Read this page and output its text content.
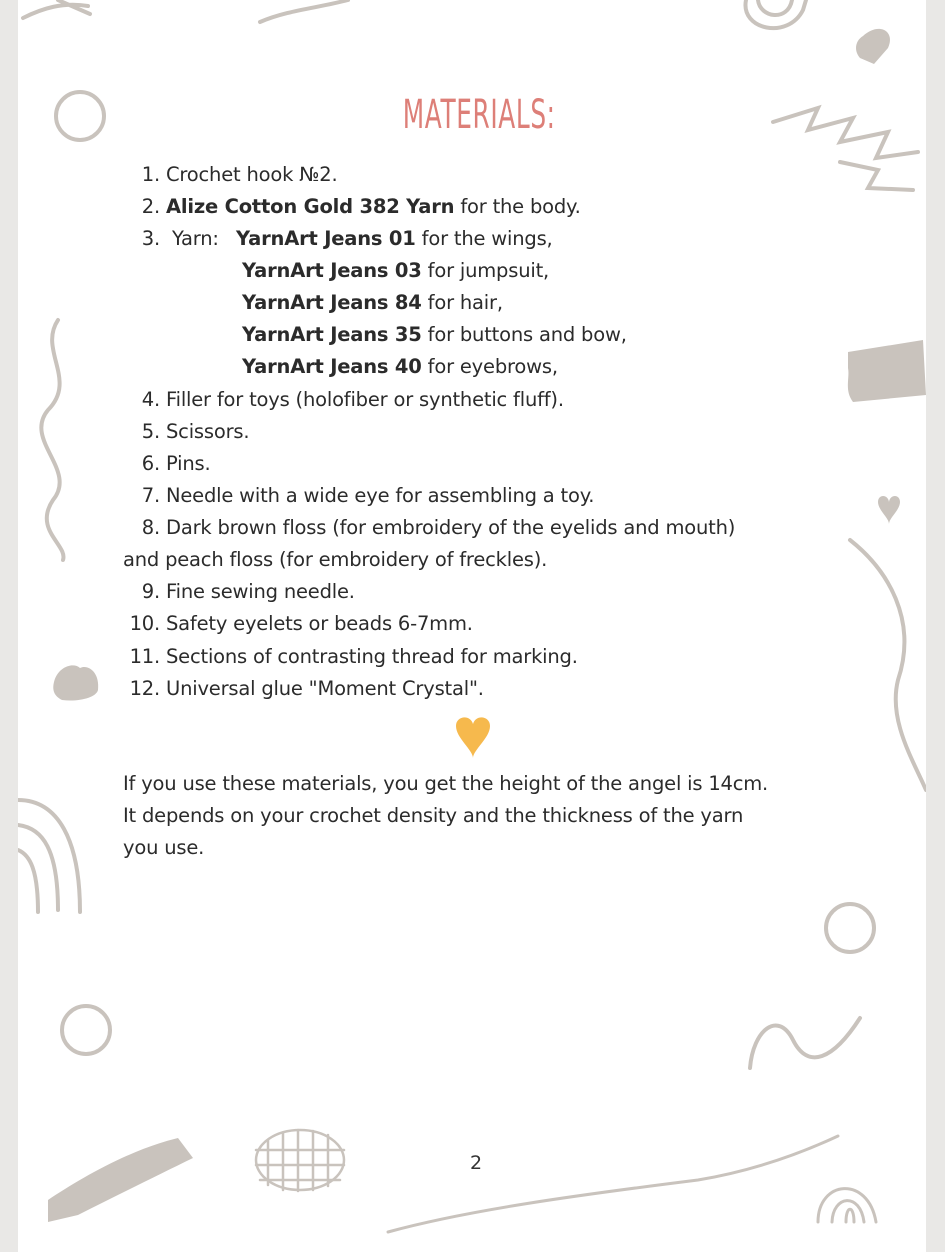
MATERIALS:
1. Crochet hook №2.
2. Alize Cotton Gold 382 Yarn for the body.
3. Yarn: YarnArt Jeans 01 for the wings,
YarnArt Jeans 03 for jumpsuit,
YarnArt Jeans 84 for hair,
YarnArt Jeans 35 for buttons and bow,
YarnArt Jeans 40 for eyebrows,
4. Filler for toys (holofiber or synthetic fluff).
5. Scissors.
6. Pins.
7. Needle with a wide eye for assembling a toy.
8. Dark brown floss (for embroidery of the eyelids and mouth)
and peach floss (for embroidery of freckles).
9. Fine sewing needle.
10. Safety eyelets or beads 6-7mm.
11. Sections of contrasting thread for marking.
12. Universal glue "Moment Crystal".
If you use these materials, you get the height of the angel is 14cm.
It depends on your crochet density and the thickness of the yarn
you use.
2
